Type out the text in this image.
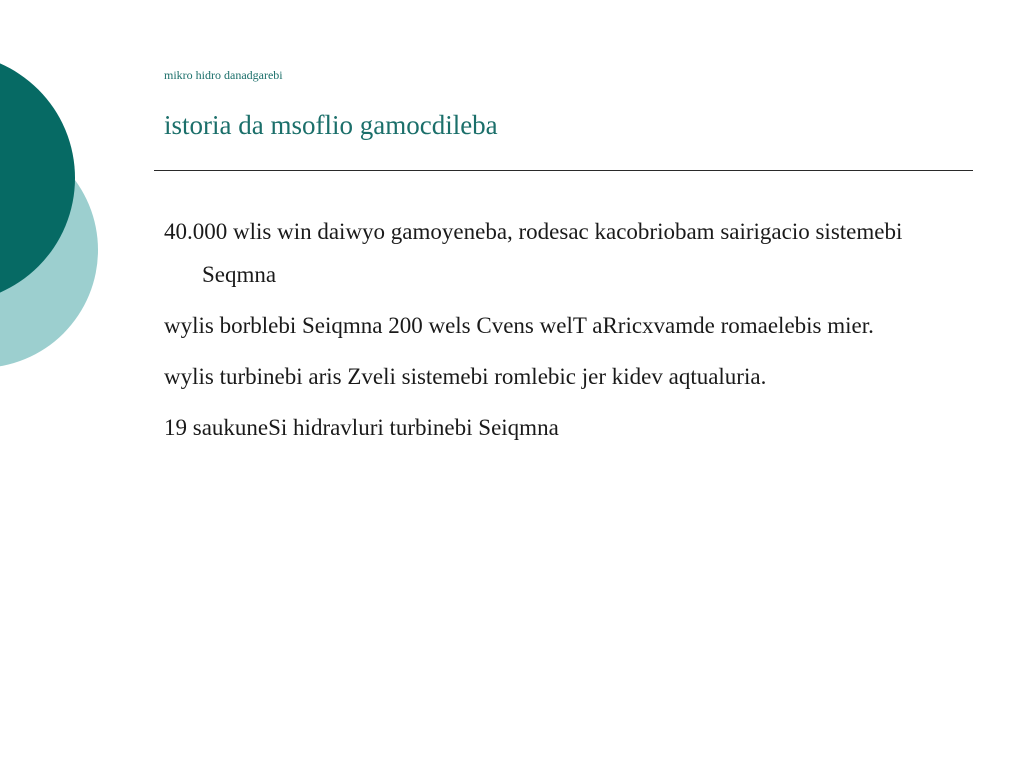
mikro hidro danadgarebi
istoria da msoflio gamocdileba

40.000 wlis win daiwyo gamoyeneba, rodesac kacobriobam sairigacio sistemebi Seqmna

wylis borblebi Seiqmna 200 wels Cvens welT aRricxvamde romaelebis mier.

wylis turbinebi aris Zveli sistemebi romlebic jer kidev aqtualuria.

19 saukuneSi hidravluri turbinebi Seiqmna
